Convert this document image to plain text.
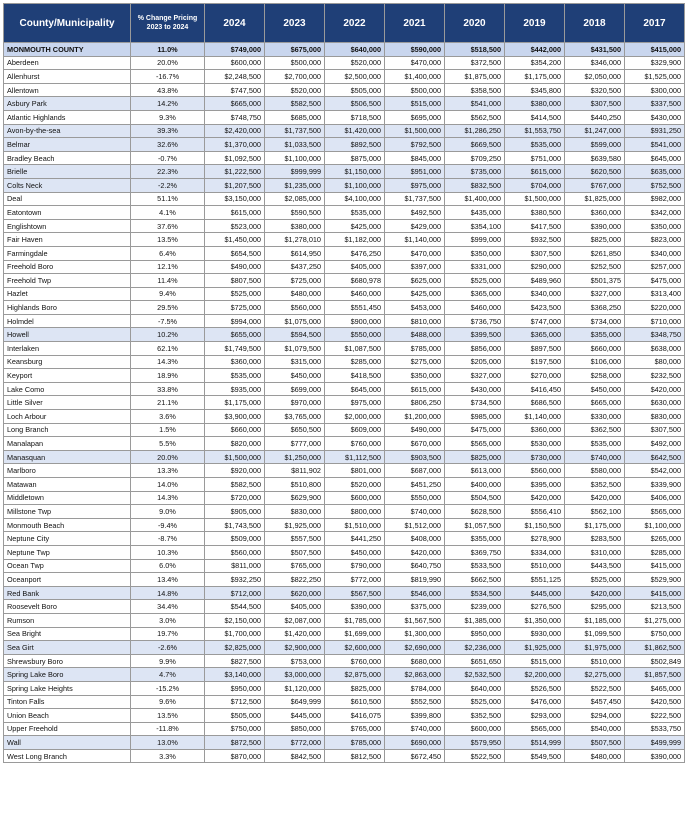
County/Municipality	% Change Pricing 2023 to 2024	2024	2023	2022	2021	2020	2019	2018	2017
MONMOUTH COUNTY	11.0%	$749,000	$675,000	$640,000	$590,000	$518,500	$442,000	$431,500	$415,000
Aberdeen	20.0%	$600,000	$500,000	$520,000	$470,000	$372,500	$354,200	$346,000	$329,900
Allenhurst	-16.7%	$2,248,500	$2,700,000	$2,500,000	$1,400,000	$1,875,000	$1,175,000	$2,050,000	$1,525,000
Allentown	43.8%	$747,500	$520,000	$505,000	$500,000	$358,500	$345,800	$320,500	$300,000
Asbury Park	14.2%	$665,000	$582,500	$506,500	$515,000	$541,000	$380,000	$307,500	$337,500
Atlantic Highlands	9.3%	$748,750	$685,000	$718,500	$695,000	$562,500	$414,500	$440,250	$430,000
Avon-by-the-sea	39.3%	$2,420,000	$1,737,500	$1,420,000	$1,500,000	$1,286,250	$1,553,750	$1,247,000	$931,250
Belmar	32.6%	$1,370,000	$1,033,500	$892,500	$792,500	$669,500	$535,000	$599,000	$541,000
Bradley Beach	-0.7%	$1,092,500	$1,100,000	$875,000	$845,000	$709,250	$751,000	$639,580	$645,000
Brielle	22.3%	$1,222,500	$999,999	$1,150,000	$951,000	$735,000	$615,000	$620,500	$635,000
Colts Neck	-2.2%	$1,207,500	$1,235,000	$1,100,000	$975,000	$832,500	$704,000	$767,000	$752,500
Deal	51.1%	$3,150,000	$2,085,000	$4,100,000	$1,737,500	$1,400,000	$1,500,000	$1,825,000	$982,000
Eatontown	4.1%	$615,000	$590,500	$535,000	$492,500	$435,000	$380,500	$360,000	$342,000
Englishtown	37.6%	$523,000	$380,000	$425,000	$429,000	$354,100	$417,500	$390,000	$350,000
Fair Haven	13.5%	$1,450,000	$1,278,010	$1,182,000	$1,140,000	$999,000	$932,500	$825,000	$823,000
Farmingdale	6.4%	$654,500	$614,950	$476,250	$470,000	$350,000	$307,500	$261,850	$340,000
Freehold Boro	12.1%	$490,000	$437,250	$405,000	$397,000	$331,000	$290,000	$252,500	$257,000
Freehold Twp	11.4%	$807,500	$725,000	$680,978	$625,000	$525,000	$489,960	$501,375	$475,000
Hazlet	9.4%	$525,000	$480,000	$460,000	$425,000	$365,000	$340,000	$327,000	$313,400
Highlands Boro	29.5%	$725,000	$560,000	$551,450	$453,000	$460,000	$423,500	$368,250	$220,000
Holmdel	-7.5%	$994,000	$1,075,000	$900,000	$810,000	$736,750	$747,000	$734,000	$710,000
Howell	10.2%	$655,000	$594,500	$550,000	$488,000	$399,500	$365,000	$355,000	$348,750
Interlaken	62.1%	$1,749,500	$1,079,500	$1,087,500	$785,000	$856,000	$897,500	$660,000	$638,000
Keansburg	14.3%	$360,000	$315,000	$285,000	$275,000	$205,000	$197,500	$106,000	$80,000
Keyport	18.9%	$535,000	$450,000	$418,500	$350,000	$327,000	$270,000	$258,000	$232,500
Lake Como	33.8%	$935,000	$699,000	$645,000	$615,000	$430,000	$416,450	$450,000	$420,000
Little Silver	21.1%	$1,175,000	$970,000	$975,000	$806,250	$734,500	$686,500	$665,000	$630,000
Loch Arbour	3.6%	$3,900,000	$3,765,000	$2,000,000	$1,200,000	$985,000	$1,140,000	$330,000	$830,000
Long Branch	1.5%	$660,000	$650,500	$609,000	$490,000	$475,000	$360,000	$362,500	$307,500
Manalapan	5.5%	$820,000	$777,000	$760,000	$670,000	$565,000	$530,000	$535,000	$492,000
Manasquan	20.0%	$1,500,000	$1,250,000	$1,112,500	$903,500	$825,000	$730,000	$740,000	$642,500
Marlboro	13.3%	$920,000	$811,902	$801,000	$687,000	$613,000	$560,000	$580,000	$542,000
Matawan	14.0%	$582,500	$510,800	$520,000	$451,250	$400,000	$395,000	$352,500	$339,900
Middletown	14.3%	$720,000	$629,900	$600,000	$550,000	$504,500	$420,000	$420,000	$406,000
Millstone Twp	9.0%	$905,000	$830,000	$800,000	$740,000	$628,500	$556,410	$562,100	$565,000
Monmouth Beach	-9.4%	$1,743,500	$1,925,000	$1,510,000	$1,512,000	$1,057,500	$1,150,500	$1,175,000	$1,100,000
Neptune City	-8.7%	$509,000	$557,500	$441,250	$408,000	$355,000	$278,900	$283,500	$265,000
Neptune Twp	10.3%	$560,000	$507,500	$450,000	$420,000	$369,750	$334,000	$310,000	$285,000
Ocean Twp	6.0%	$811,000	$765,000	$790,000	$640,750	$533,500	$510,000	$443,500	$415,000
Oceanport	13.4%	$932,250	$822,250	$772,000	$819,990	$662,500	$551,125	$525,000	$529,900
Red Bank	14.8%	$712,000	$620,000	$567,500	$546,000	$534,500	$445,000	$420,000	$415,000
Roosevelt Boro	34.4%	$544,500	$405,000	$390,000	$375,000	$239,000	$276,500	$295,000	$213,500
Rumson	3.0%	$2,150,000	$2,087,000	$1,785,000	$1,567,500	$1,385,000	$1,350,000	$1,185,000	$1,275,000
Sea Bright	19.7%	$1,700,000	$1,420,000	$1,699,000	$1,300,000	$950,000	$930,000	$1,099,500	$750,000
Sea Girt	-2.6%	$2,825,000	$2,900,000	$2,600,000	$2,690,000	$2,236,000	$1,925,000	$1,975,000	$1,862,500
Shrewsbury Boro	9.9%	$827,500	$753,000	$760,000	$680,000	$651,650	$515,000	$510,000	$502,849
Spring Lake Boro	4.7%	$3,140,000	$3,000,000	$2,875,000	$2,863,000	$2,532,500	$2,200,000	$2,275,000	$1,857,500
Spring Lake Heights	-15.2%	$950,000	$1,120,000	$825,000	$784,000	$640,000	$526,500	$522,500	$465,000
Tinton Falls	9.6%	$712,500	$649,999	$610,500	$552,500	$525,000	$476,000	$457,450	$420,500
Union Beach	13.5%	$505,000	$445,000	$416,075	$399,800	$352,500	$293,000	$294,000	$222,500
Upper Freehold	-11.8%	$750,000	$850,000	$765,000	$740,000	$600,000	$565,000	$540,000	$533,750
Wall	13.0%	$872,500	$772,000	$785,000	$690,000	$579,950	$514,999	$507,500	$499,999
West Long Branch	3.3%	$870,000	$842,500	$812,500	$672,450	$522,500	$549,500	$480,000	$390,000
